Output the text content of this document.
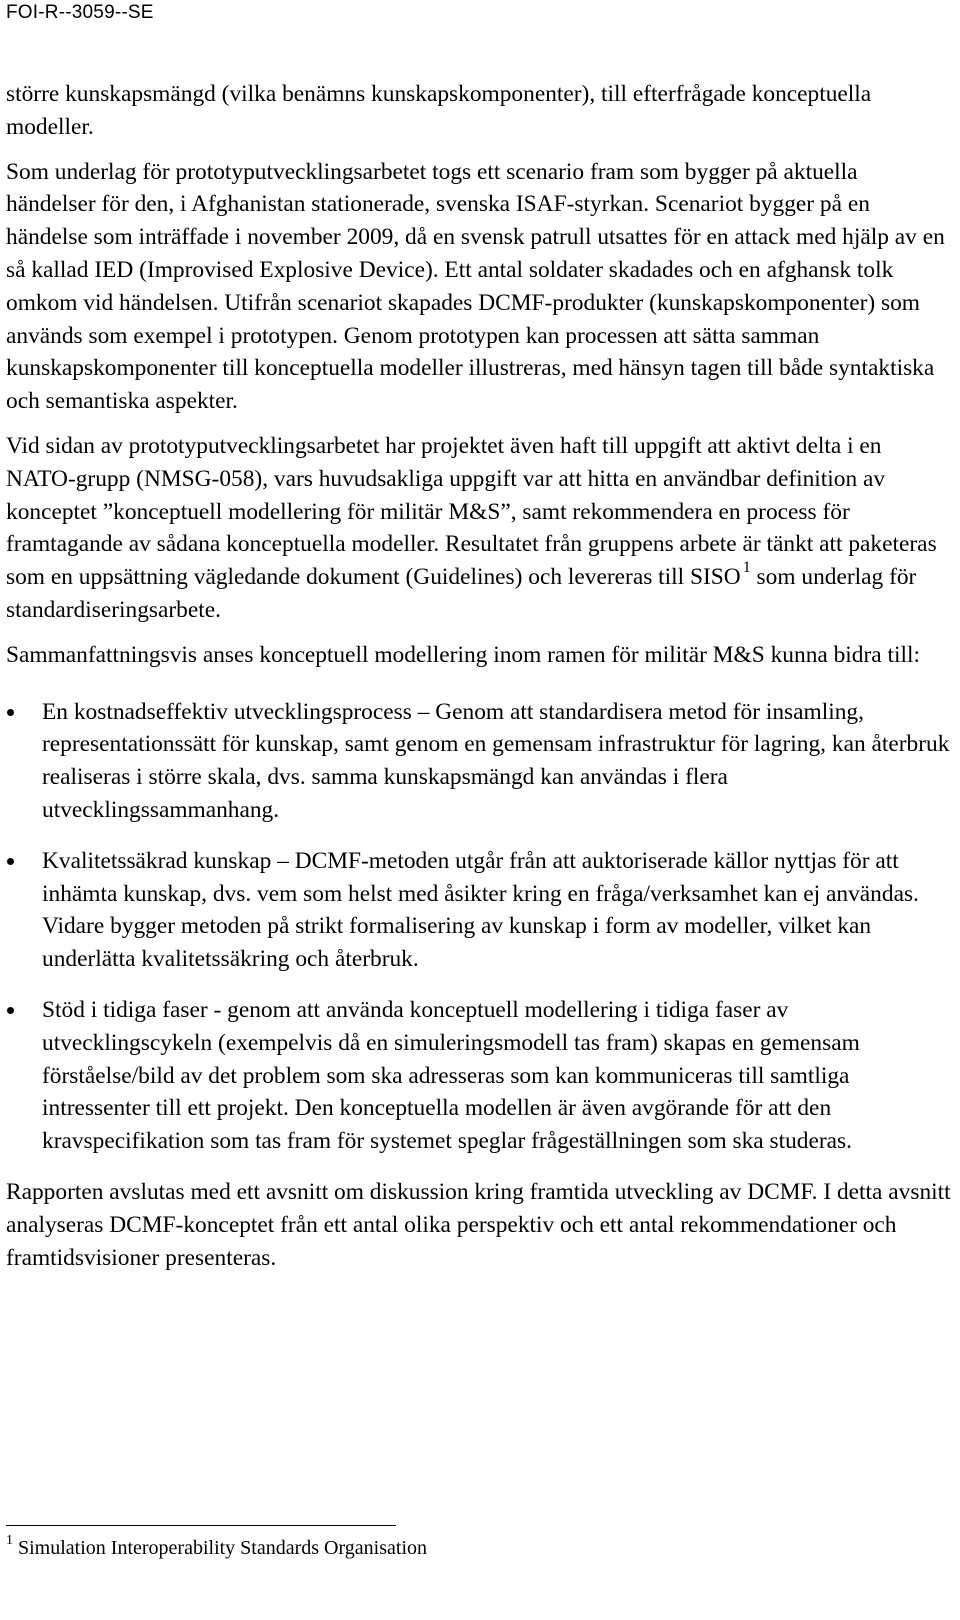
FOI-R--3059--SE

större kunskapsmängd (vilka benämns kunskapskomponenter), till efterfrågade konceptuella modeller.

Som underlag för prototyputvecklingsarbetet togs ett scenario fram som bygger på aktuella händelser för den, i Afghanistan stationerade, svenska ISAF-styrkan. Scenariot bygger på en händelse som inträffade i november 2009, då en svensk patrull utsattes för en attack med hjälp av en så kallad IED (Improvised Explosive Device). Ett antal soldater skadades och en afghansk tolk omkom vid händelsen. Utifrån scenariot skapades DCMF-produkter (kunskapskomponenter) som används som exempel i prototypen. Genom prototypen kan processen att sätta samman kunskapskomponenter till konceptuella modeller illustreras, med hänsyn tagen till både syntaktiska och semantiska aspekter.

Vid sidan av prototyputvecklingsarbetet har projektet även haft till uppgift att aktivt delta i en NATO-grupp (NMSG-058), vars huvudsakliga uppgift var att hitta en användbar definition av konceptet ”konceptuell modellering för militär M&S”, samt rekommendera en process för framtagande av sådana konceptuella modeller. Resultatet från gruppens arbete är tänkt att paketeras som en uppsättning vägledande dokument (Guidelines) och levereras till SISO $^1$ som underlag för standardiseringsarbete.

Sammanfattningsvis anses konceptuell modellering inom ramen för militär M&S kunna bidra till:

En kostnadseffektiv utvecklingsprocess – Genom att standardisera metod för insamling, representationssätt för kunskap, samt genom en gemensam infrastruktur för lagring, kan återbruk realiseras i större skala, dvs. samma kunskapsmängd kan användas i flera utvecklingssammanhang.
Kvalitetssäkrad kunskap – DCMF-metoden utgår från att auktoriserade källor nyttjas för att inhämta kunskap, dvs. vem som helst med åsikter kring en fråga/verksamhet kan ej användas. Vidare bygger metoden på strikt formalisering av kunskap i form av modeller, vilket kan underlätta kvalitetssäkring och återbruk.
Stöd i tidiga faser - genom att använda konceptuell modellering i tidiga faser av utvecklingscykeln (exempelvis då en simuleringsmodell tas fram) skapas en gemensam förståelse/bild av det problem som ska adresseras som kan kommuniceras till samtliga intressenter till ett projekt. Den konceptuella modellen är även avgörande för att den kravspecifikation som tas fram för systemet speglar frågeställningen som ska studeras.

Rapporten avslutas med ett avsnitt om diskussion kring framtida utveckling av DCMF. I detta avsnitt analyseras DCMF-konceptet från ett antal olika perspektiv och ett antal rekommendationer och framtidsvisioner presenteras.

$^1$ Simulation Interoperability Standards Organisation
